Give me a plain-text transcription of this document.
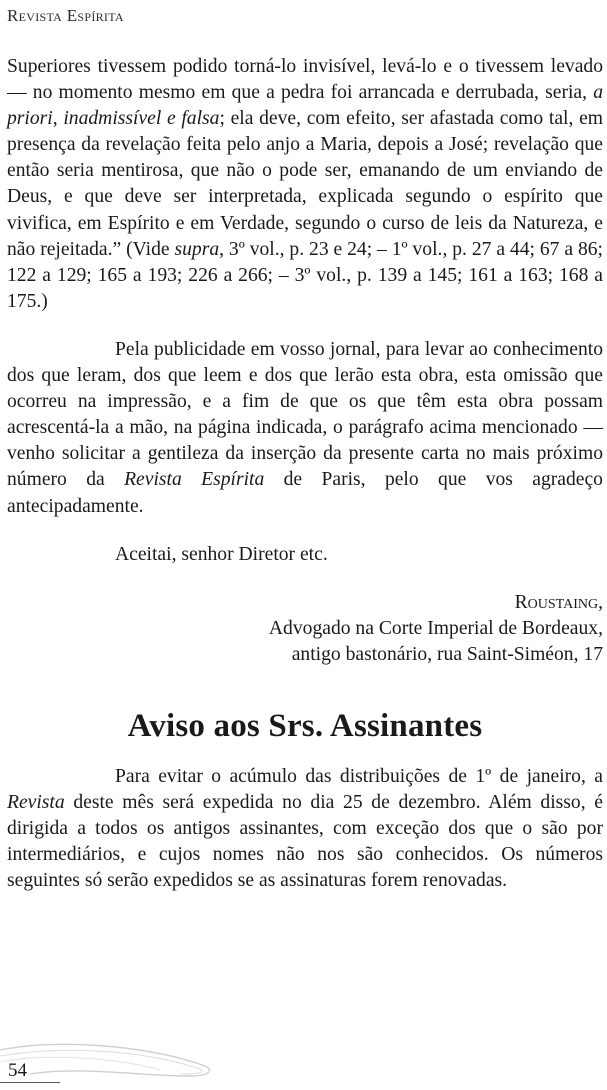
Revista Espírita

Superiores tivessem podido torná-lo invisível, levá-lo e o tivessem levado — no momento mesmo em que a pedra foi arrancada e derrubada, seria, a priori, inadmissível e falsa; ela deve, com efeito, ser afastada como tal, em presença da revelação feita pelo anjo a Maria, depois a José; revelação que então seria mentirosa, que não o pode ser, emanando de um enviando de Deus, e que deve ser interpretada, explicada segundo o espírito que vivifica, em Espírito e em Verdade, segundo o curso de leis da Natureza, e não rejeitada.” (Vide supra, 3º vol., p. 23 e 24; – 1º vol., p. 27 a 44; 67 a 86; 122 a 129; 165 a 193; 226 a 266; – 3º vol., p. 139 a 145; 161 a 163; 168 a 175.)

Pela publicidade em vosso jornal, para levar ao conhecimento dos que leram, dos que leem e dos que lerão esta obra, esta omissão que ocorreu na impressão, e a fim de que os que têm esta obra possam acrescentá-la a mão, na página indicada, o parágrafo acima mencionado — venho solicitar a gentileza da inserção da presente carta no mais próximo número da Revista Espírita de Paris, pelo que vos agradeço antecipadamente.

Aceitai, senhor Diretor etc.

Roustaing,
Advogado na Corte Imperial de Bordeaux,
antigo bastonário, rua Saint-Siméon, 17
Aviso aos Srs. Assinantes

Para evitar o acúmulo das distribuições de 1º de janeiro, a Revista deste mês será expedida no dia 25 de dezembro. Além disso, é dirigida a todos os antigos assinantes, com exceção dos que o são por intermediários, e cujos nomes não nos são conhecidos. Os números seguintes só serão expedidos se as assinaturas forem renovadas.

54
